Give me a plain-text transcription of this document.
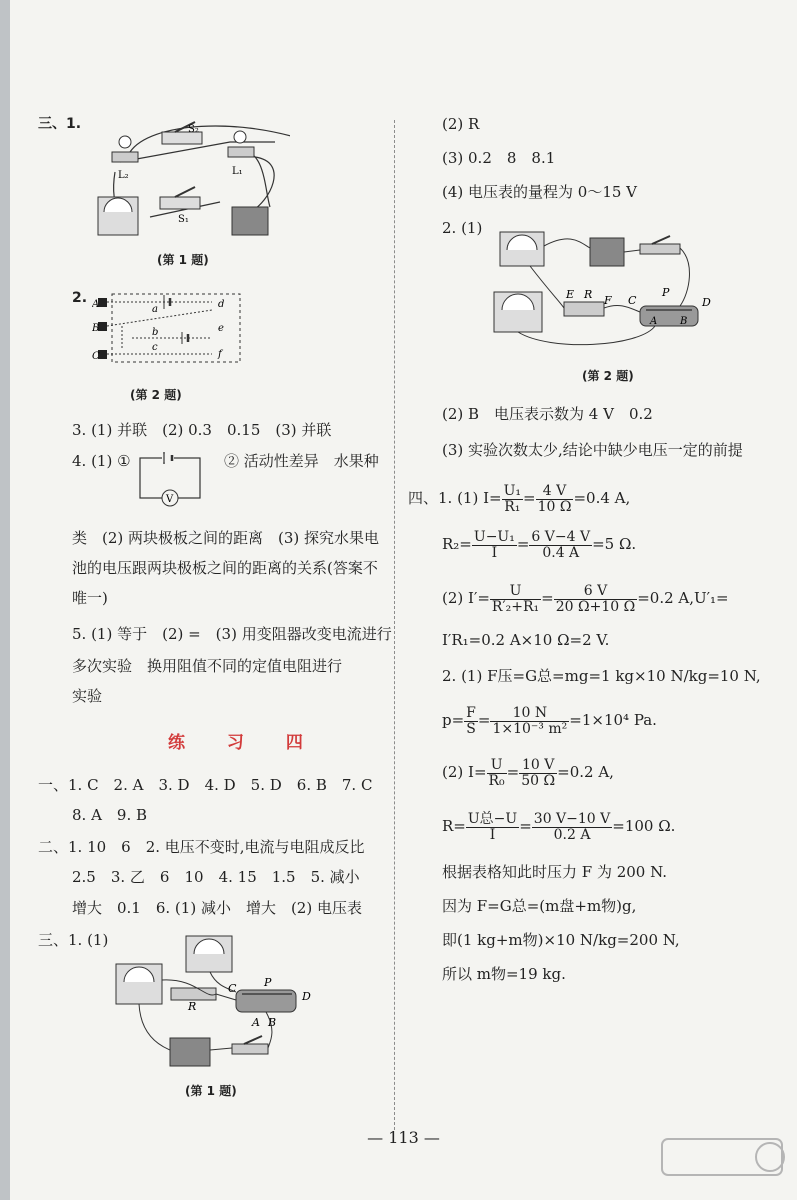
三、1.	S₂
L₂	L₁
S₁
(第 1 题)
2. A
B
C
a
b
c
d
e
f
(第 2 题)
3. (1) 并联　(2) 0.3　0.15　(3) 并联
4. (1) ①
V
② 活动性差异　水果种
类　(2) 两块极板之间的距离　(3) 探究水果电
池的电压跟两块极板之间的距离的关系(答案不
唯一)
5. (1) 等于　(2) =　(3) 用变阻器改变电流进行
多次实验　换用阻值不同的定值电阻进行
实验
练 习 四
一、1. C　2. A　3. D　4. D　5. D　6. B　7. C
8. A　9. B
二、1. 10　6　2. 电压不变时,电流与电阻成反比
2.5　3. 乙　6　10　4. 15　1.5　5. 减小
增大　0.1　6. (1) 减小　增大　(2) 电压表
三、1. (1)
C	P
D
R
A B
(第 1 题)
(2) R
(3) 0.2　8　8.1
(4) 电压表的量程为 0～15 V
2. (1)
E R F C
P
D
A B
(第 2 题)
(2) B　电压表示数为 4 V　0.2
(3) 实验次数太少,结论中缺少电压一定的前提
四、1. (1) $I= \frac{\text{U₁}}{\text{R₁}} = \frac{4 V}{10 \Omega} =0.4$ A,
$R_2= \frac{\text{U−U₁}}{I} = \frac{6 V-4 V}{0.4 A} =5$ Ω.
(2) $I'= \frac{U}{\text{R′₂+R₁}} = \frac{6 V}{20 \Omega+10 \Omega} =0.2$ A,U′₁=
I′R₁=0.2 A×10 Ω=2 V.
2. (1) F压=G总=mg=1 kg×10 N/kg=10 N,
$p= \frac{F}{S} = \frac{10 N}{\text{1×10⁻³ m²}} =1\times 10^4$ Pa.
(2) $I= \frac{U}{\text{R₀}} = \frac{10 V}{50 \Omega} =0.2$ A,
$R= \frac{\text{U总−U}}{I} = \frac{30 V-10 V}{0.2 A} =100$ Ω.
根据表格知此时压力 F 为 200 N.
因为 F=G总=(m盘+m物)g,
即(1 kg+m物)×10 N/kg=200 N,
所以 m物=19 kg.
— 113 —
